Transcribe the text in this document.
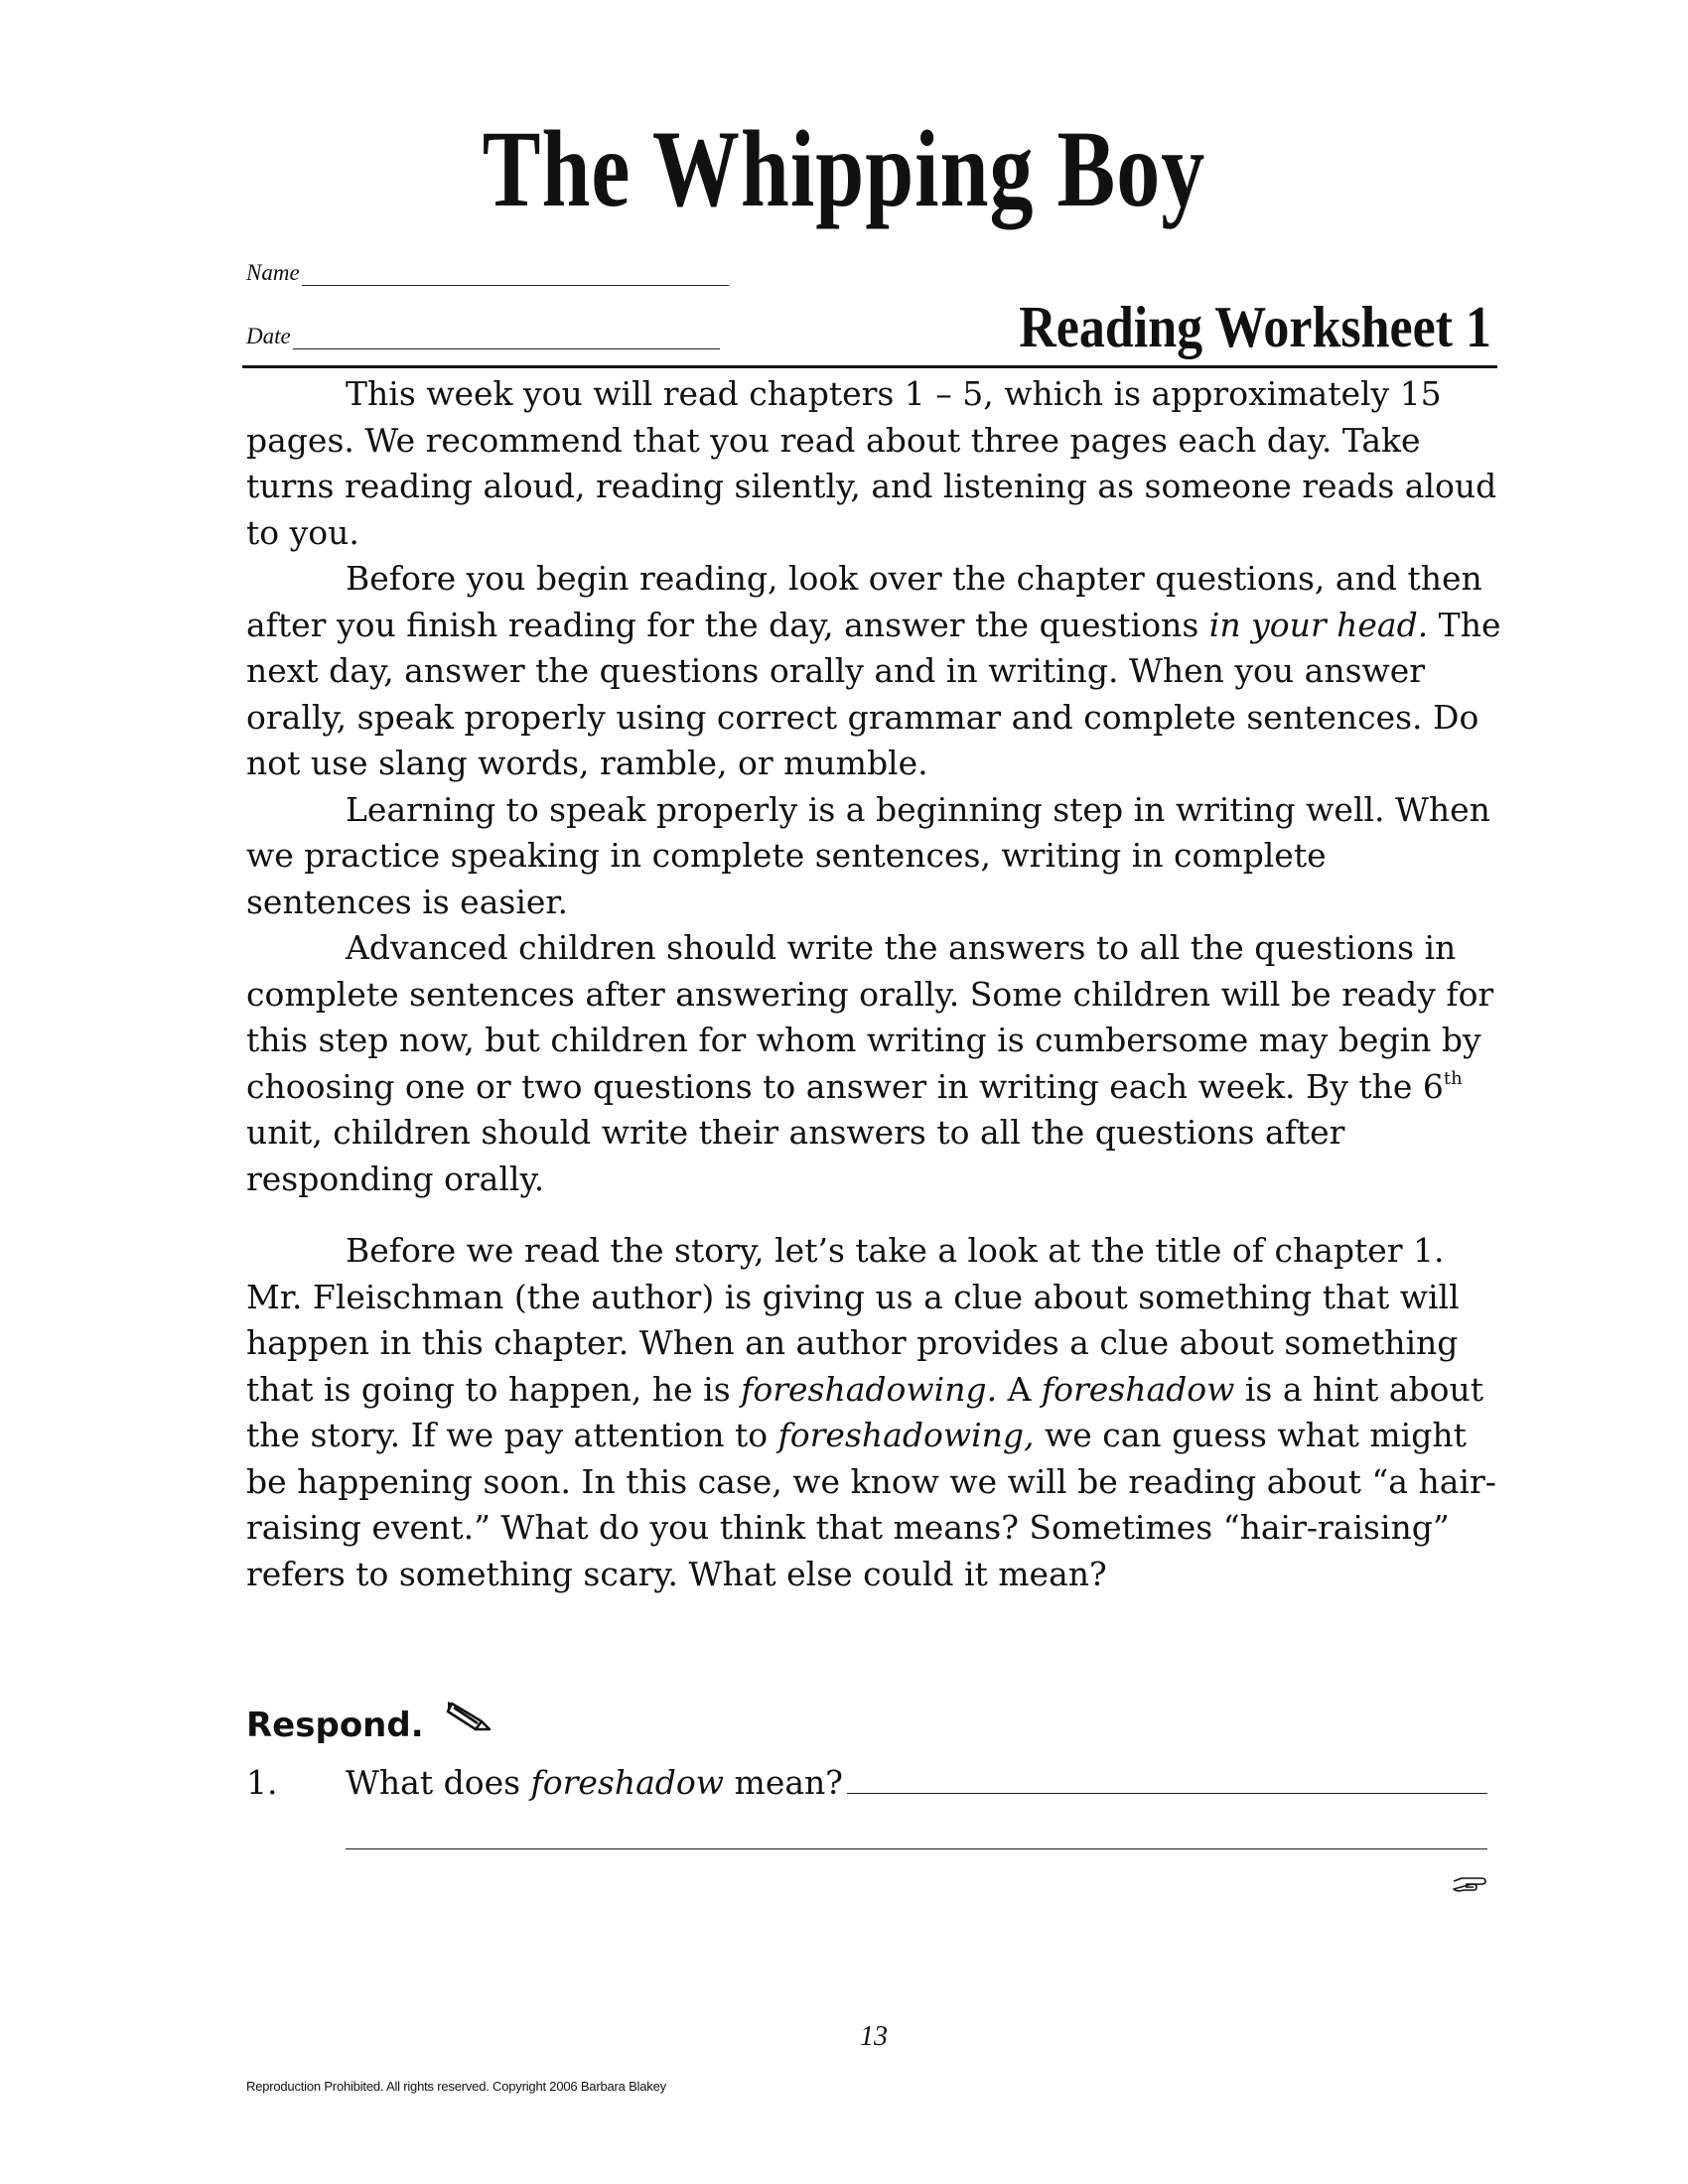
The Whipping Boy
Name
Date	Reading Worksheet 1

This week you will read chapters 1 – 5, which is approximately 15 pages. We recommend that you read about three pages each day. Take turns reading aloud, reading silently, and listening as someone reads aloud to you.

Before you begin reading, look over the chapter questions, and then after you finish reading for the day, answer the questions in your head. The next day, answer the questions orally and in writing. When you answer orally, speak properly using correct grammar and complete sentences. Do not use slang words, ramble, or mumble.

Learning to speak properly is a beginning step in writing well. When we practice speaking in complete sentences, writing in complete sentences is easier.

Advanced children should write the answers to all the questions in complete sentences after answering orally. Some children will be ready for this step now, but children for whom writing is cumbersome may begin by choosing one or two questions to answer in writing each week. By the 6th unit, children should write their answers to all the questions after responding orally.

Before we read the story, let’s take a look at the title of chapter 1. Mr. Fleischman (the author) is giving us a clue about something that will happen in this chapter. When an author provides a clue about something that is going to happen, he is foreshadowing. A foreshadow is a hint about the story. If we pay attention to foreshadowing, we can guess what might be happening soon. In this case, we know we will be reading about “a hair-raising event.” What do you think that means? Sometimes “hair-raising” refers to something scary. What else could it mean?

Respond.
1.	What does foreshadow mean?
13
Reproduction Prohibited. All rights reserved. Copyright 2006 Barbara Blakey
